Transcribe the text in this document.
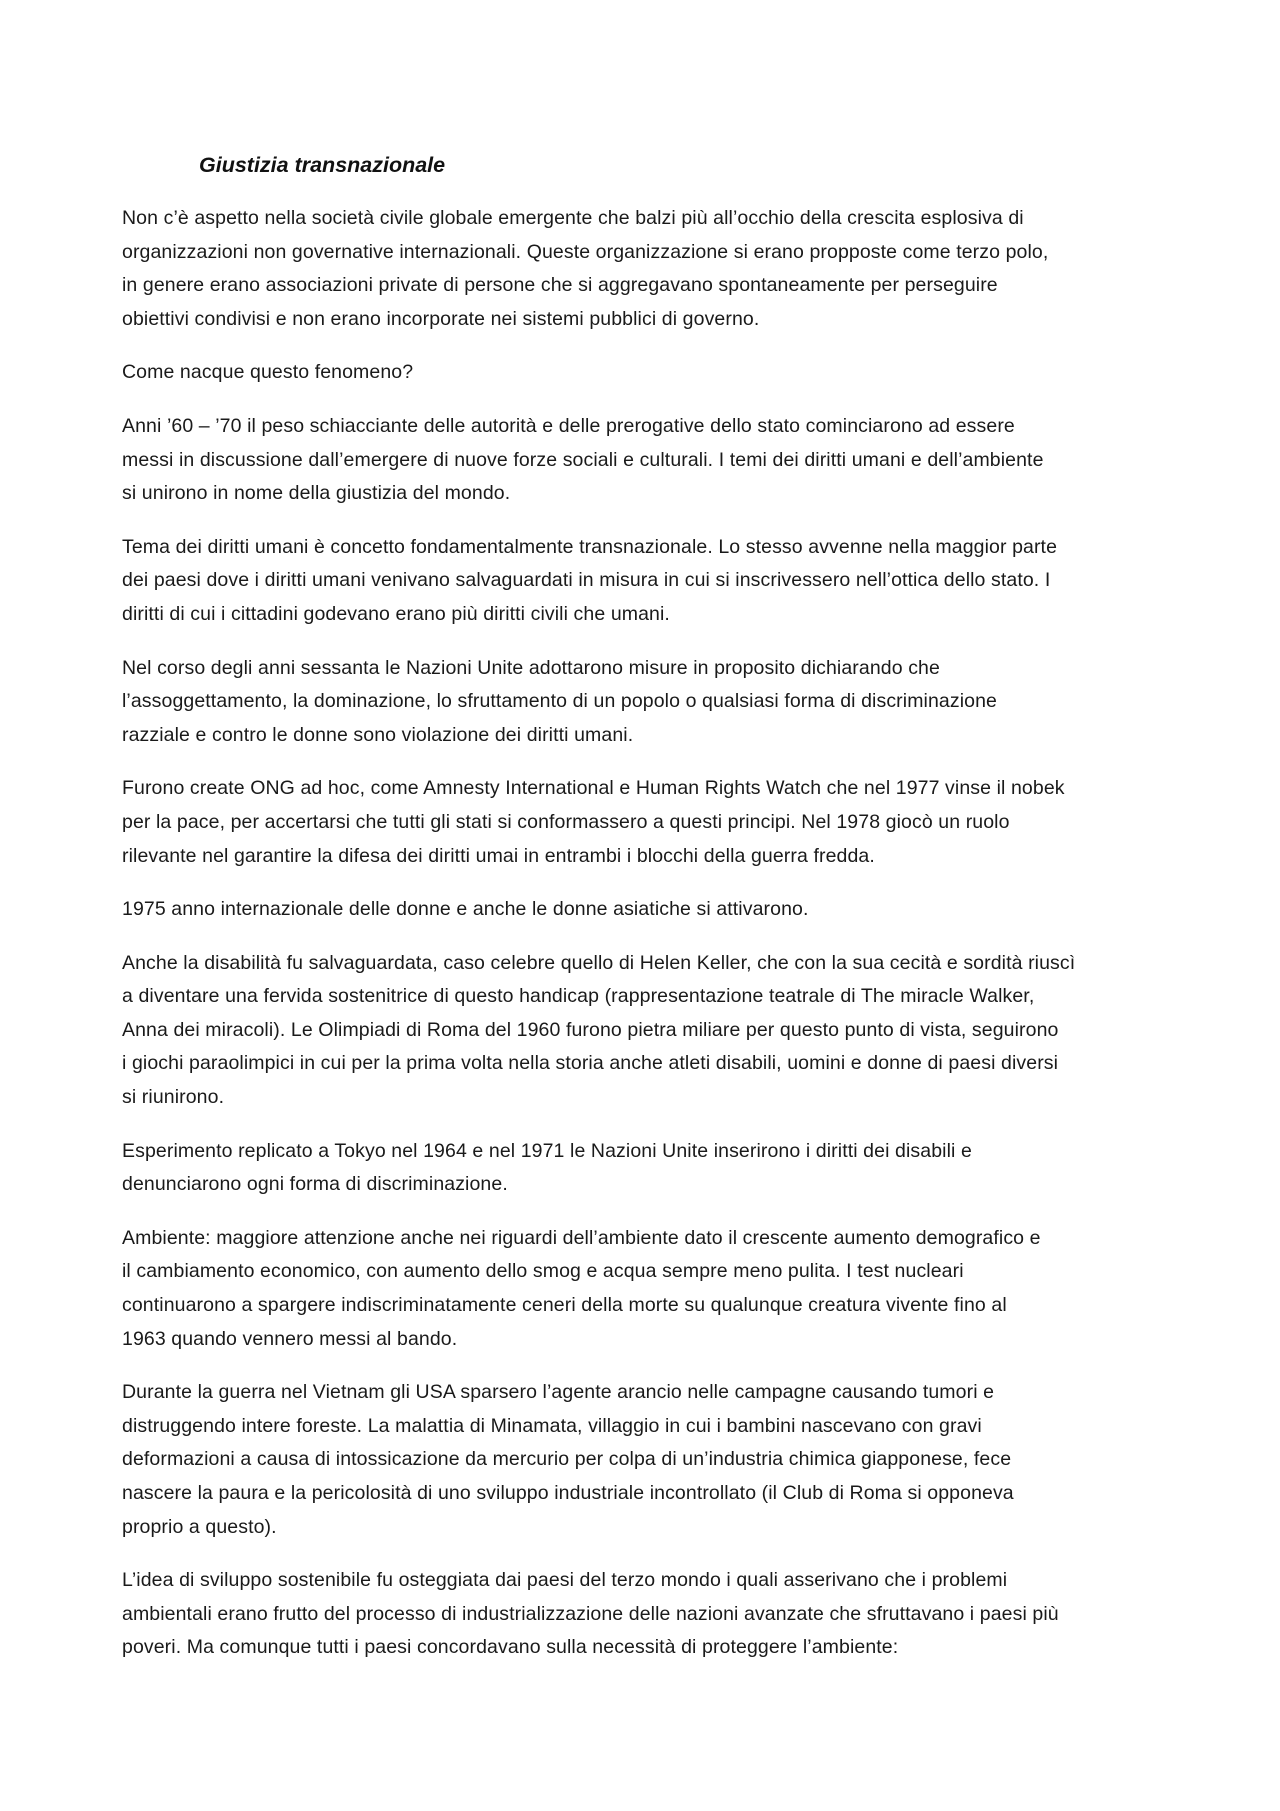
Giustizia transnazionale

Non c’è aspetto nella società civile globale emergente che balzi più all’occhio della crescita esplosiva di
organizzazioni non governative internazionali. Queste organizzazione si erano propposte come terzo polo,
in genere erano associazioni private di persone che si aggregavano spontaneamente per perseguire
obiettivi condivisi e non erano incorporate nei sistemi pubblici di governo.

Come nacque questo fenomeno?

Anni ’60 – ’70 il peso schiacciante delle autorità e delle prerogative dello stato cominciarono ad essere
messi in discussione dall’emergere di nuove forze sociali e culturali. I temi dei diritti umani e dell’ambiente
si unirono in nome della giustizia del mondo.

Tema dei diritti umani è concetto fondamentalmente transnazionale. Lo stesso avvenne nella maggior parte
dei paesi dove i diritti umani venivano salvaguardati in misura in cui si inscrivessero nell’ottica dello stato. I
diritti di cui i cittadini godevano erano più diritti civili che umani.

Nel corso degli anni sessanta le Nazioni Unite adottarono misure in proposito dichiarando che
l’assoggettamento, la dominazione, lo sfruttamento di un popolo o qualsiasi forma di discriminazione
razziale e contro le donne sono violazione dei diritti umani.

Furono create ONG ad hoc, come Amnesty International e Human Rights Watch che nel 1977 vinse il nobek
per la pace, per accertarsi che tutti gli stati si conformassero a questi principi. Nel 1978 giocò un ruolo
rilevante nel garantire la difesa dei diritti umai in entrambi i blocchi della guerra fredda.

1975 anno internazionale delle donne e anche le donne asiatiche si attivarono.

Anche la disabilità fu salvaguardata, caso celebre quello di Helen Keller, che con la sua cecità e sordità riuscì
a diventare una fervida sostenitrice di questo handicap (rappresentazione teatrale di The miracle Walker,
Anna dei miracoli). Le Olimpiadi di Roma del 1960 furono pietra miliare per questo punto di vista, seguirono
i giochi paraolimpici in cui per la prima volta nella storia anche atleti disabili, uomini e donne di paesi diversi
si riunirono.

Esperimento replicato a Tokyo nel 1964 e nel 1971 le Nazioni Unite inserirono i diritti dei disabili e
denunciarono ogni forma di discriminazione.

Ambiente: maggiore attenzione anche nei riguardi dell’ambiente dato il crescente aumento demografico e
il cambiamento economico, con aumento dello smog e acqua sempre meno pulita. I test nucleari
continuarono a spargere indiscriminatamente ceneri della morte su qualunque creatura vivente fino al
1963 quando vennero messi al bando.

Durante la guerra nel Vietnam gli USA sparsero l’agente arancio nelle campagne causando tumori e
distruggendo intere foreste. La malattia di Minamata, villaggio in cui i bambini nascevano con gravi
deformazioni a causa di intossicazione da mercurio per colpa di un’industria chimica giapponese, fece
nascere la paura e la pericolosità di uno sviluppo industriale incontrollato (il Club di Roma si opponeva
proprio a questo).

L’idea di sviluppo sostenibile fu osteggiata dai paesi del terzo mondo i quali asserivano che i problemi
ambientali erano frutto del processo di industrializzazione delle nazioni avanzate che sfruttavano i paesi più
poveri. Ma comunque tutti i paesi concordavano sulla necessità di proteggere l’ambiente:
